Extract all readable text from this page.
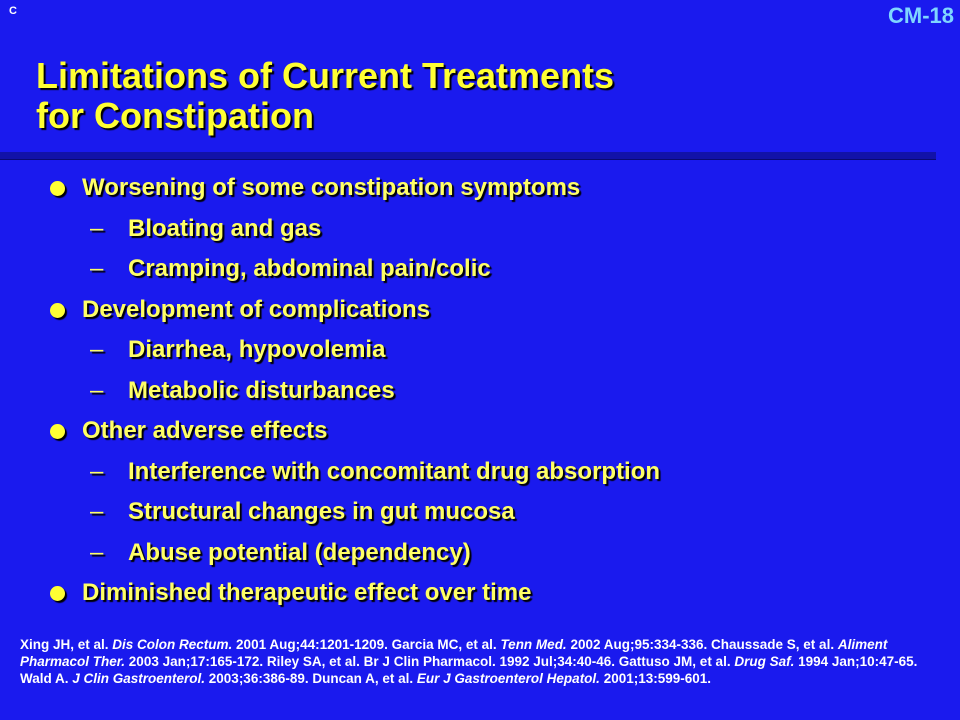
C	CM-18
Limitations of Current Treatments
for Constipation
Worsening of some constipation symptoms
– Bloating and gas
– Cramping, abdominal pain/colic
Development of complications
– Diarrhea, hypovolemia
– Metabolic disturbances
Other adverse effects
– Interference with concomitant drug absorption
– Structural changes in gut mucosa
– Abuse potential (dependency)
Diminished therapeutic effect over time

Xing JH, et al. Dis Colon Rectum. 2001 Aug;44:1201-1209. Garcia MC, et al. Tenn Med. 2002 Aug;95:334-336. Chaussade S, et al. Aliment Pharmacol Ther. 2003 Jan;17:165-172. Riley SA, et al. Br J Clin Pharmacol. 1992 Jul;34:40-46. Gattuso JM, et al. Drug Saf. 1994 Jan;10:47-65. Wald A. J Clin Gastroenterol. 2003;36:386-89. Duncan A, et al. Eur J Gastroenterol Hepatol. 2001;13:599-601.
